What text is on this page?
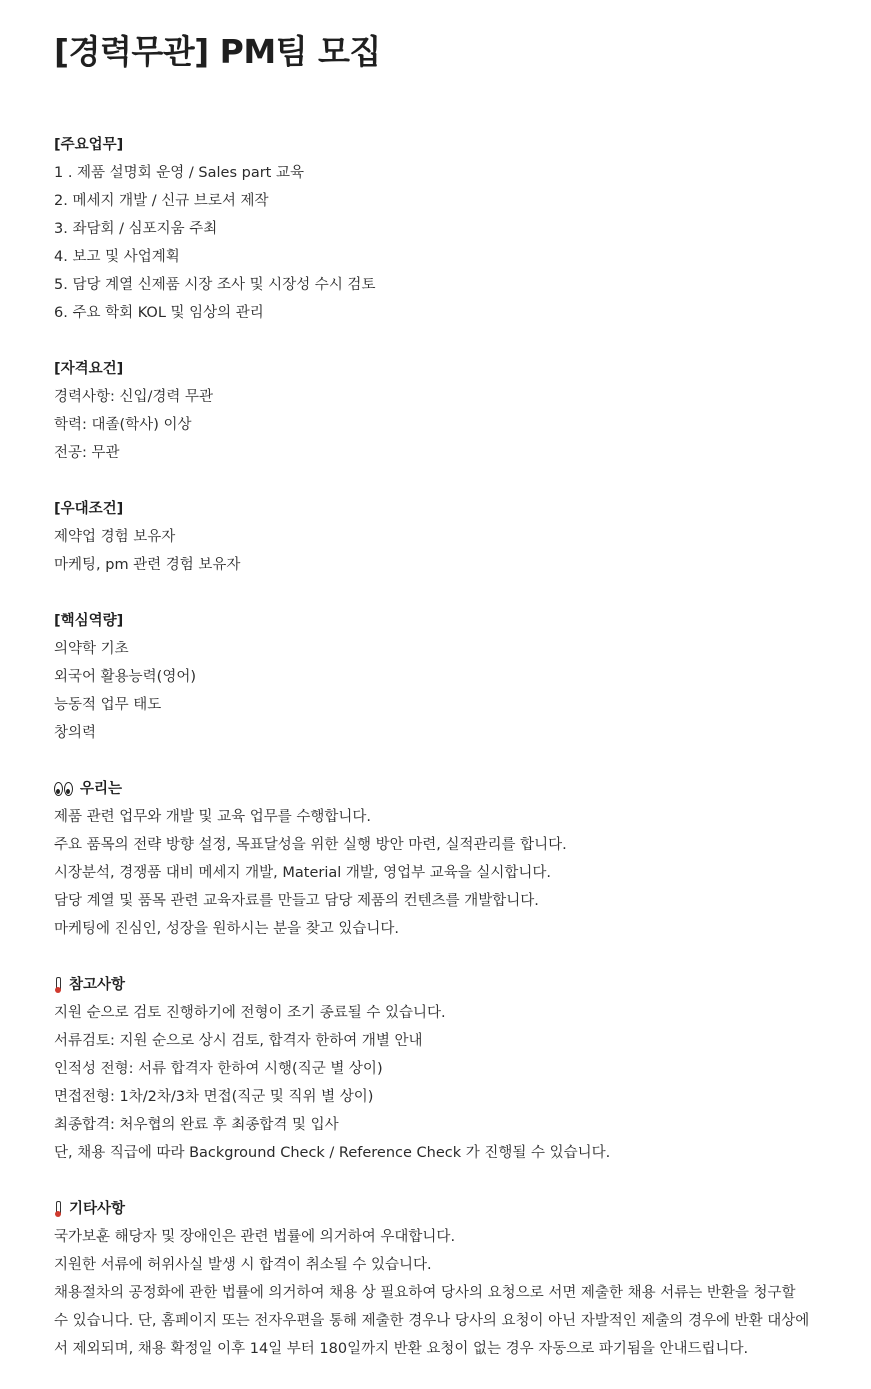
[경력무관] PM팀 모집
[주요업무]
1 . 제품 설명회 운영 / Sales part 교육
2. 메세지 개발 / 신규 브로셔 제작
3. 좌담회 / 심포지움 주최
4. 보고 및 사업계획
5. 담당 계열 신제품 시장 조사 및 시장성 수시 검토
6. 주요 학회 KOL 및 임상의 관리
[자격요건]
경력사항: 신입/경력 무관
학력: 대졸(학사) 이상
전공: 무관
[우대조건]
제약업 경험 보유자
마케팅, pm 관련 경험 보유자
[핵심역량]
의약학 기초
외국어 활용능력(영어)
능동적 업무 태도
창의력
우리는
제품 관련 업무와 개발 및 교육 업무를 수행합니다.
주요 품목의 전략 방향 설정, 목표달성을 위한 실행 방안 마련, 실적관리를 합니다.
시장분석, 경쟁품 대비 메세지 개발, Material 개발, 영업부 교육을 실시합니다.
담당 계열 및 품목 관련 교육자료를 만들고 담당 제품의 컨텐츠를 개발합니다.
마케팅에 진심인, 성장을 원하시는 분을 찾고 있습니다.
참고사항
지원 순으로 검토 진행하기에 전형이 조기 종료될 수 있습니다.
서류검토: 지원 순으로 상시 검토, 합격자 한하여 개별 안내
인적성 전형: 서류 합격자 한하여 시행(직군 별 상이)
면접전형: 1차/2차/3차 면접(직군 및 직위 별 상이)
최종합격: 처우협의 완료 후 최종합격 및 입사
단, 채용 직급에 따라 Background Check / Reference Check 가 진행될 수 있습니다.
기타사항
국가보훈 해당자 및 장애인은 관련 법률에 의거하여 우대합니다.
지원한 서류에 허위사실 발생 시 합격이 취소될 수 있습니다.
채용절차의 공정화에 관한 법률에 의거하여 채용 상 필요하여 당사의 요청으로 서면 제출한 채용 서류는 반환을 청구할 수 있습니다. 단, 홈페이지 또는 전자우편을 통해 제출한 경우나 당사의 요청이 아닌 자발적인 제출의 경우에 반환 대상에서 제외되며, 채용 확정일 이후 14일 부터 180일까지 반환 요청이 없는 경우 자동으로 파기됨을 안내드립니다.
